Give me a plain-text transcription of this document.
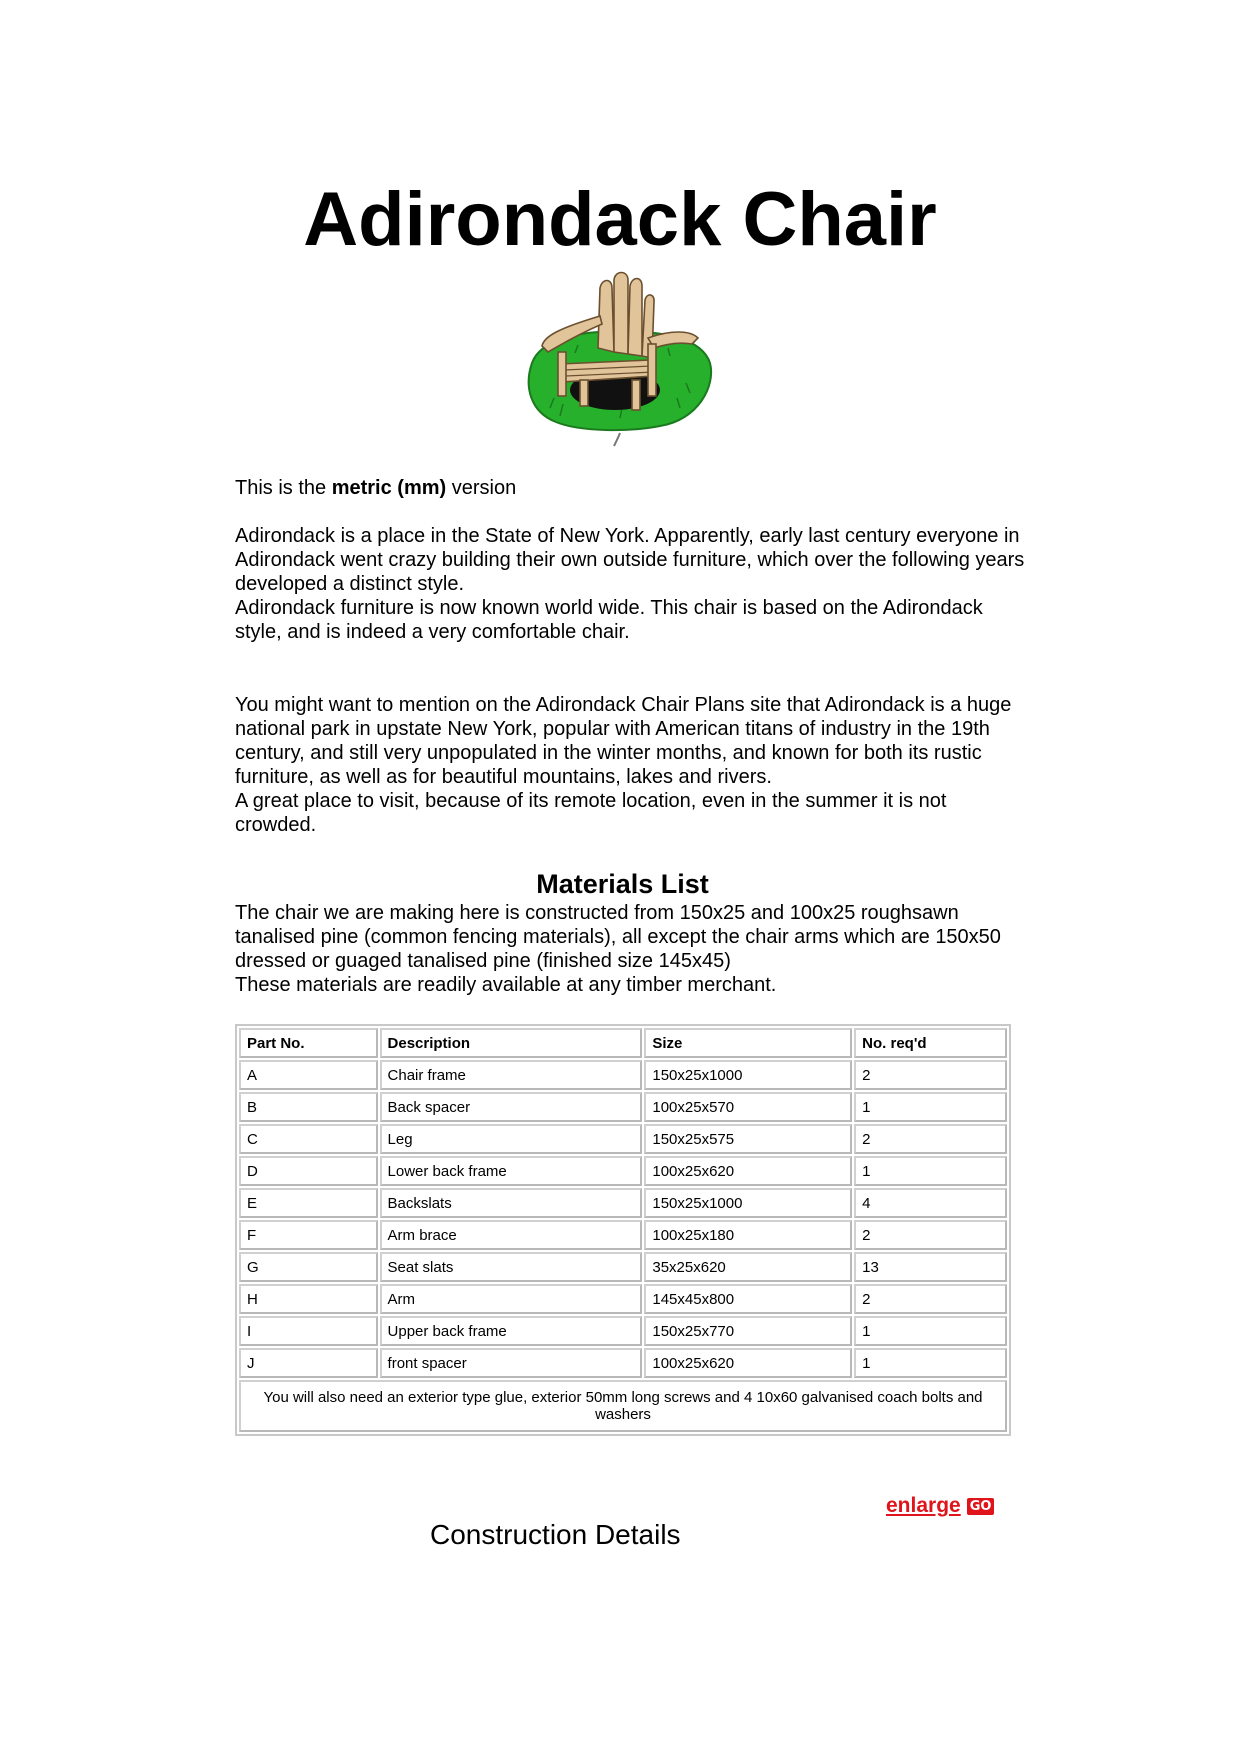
Adirondack Chair
This is the metric (mm) version

Adirondack is a place in the State of New York. Apparently, early last century everyone in Adirondack went crazy building their own outside furniture, which over the following years developed a distinct style.

Adirondack furniture is now known world wide. This chair is based on the Adirondack style, and is indeed a very comfortable chair.

You might want to mention on the Adirondack Chair Plans site that Adirondack is a huge national park in upstate New York, popular with American titans of industry in the 19th century, and still very unpopulated in the winter months, and known for both its rustic furniture, as well as for beautiful mountains, lakes and rivers.

A great place to visit, because of its remote location, even in the summer it is not crowded.

Materials List

The chair we are making here is constructed from 150x25 and 100x25 roughsawn tanalised pine (common fencing materials), all except the chair arms which are 150x50 dressed or guaged tanalised pine (finished size 145x45)

These materials are readily available at any timber merchant.

Part No.	Description	Size	No. req'd
A	Chair frame	150x25x1000	2
B	Back spacer	100x25x570	1
C	Leg	150x25x575	2
D	Lower back frame	100x25x620	1
E	Backslats	150x25x1000	4
F	Arm brace	100x25x180	2
G	Seat slats	35x25x620	13
H	Arm	145x45x800	2
I	Upper back frame	150x25x770	1
J	front spacer	100x25x620	1
You will also need an exterior type glue, exterior 50mm long screws and 4 10x60 galvanised coach bolts and washers			
enlarge GO
Construction Details
